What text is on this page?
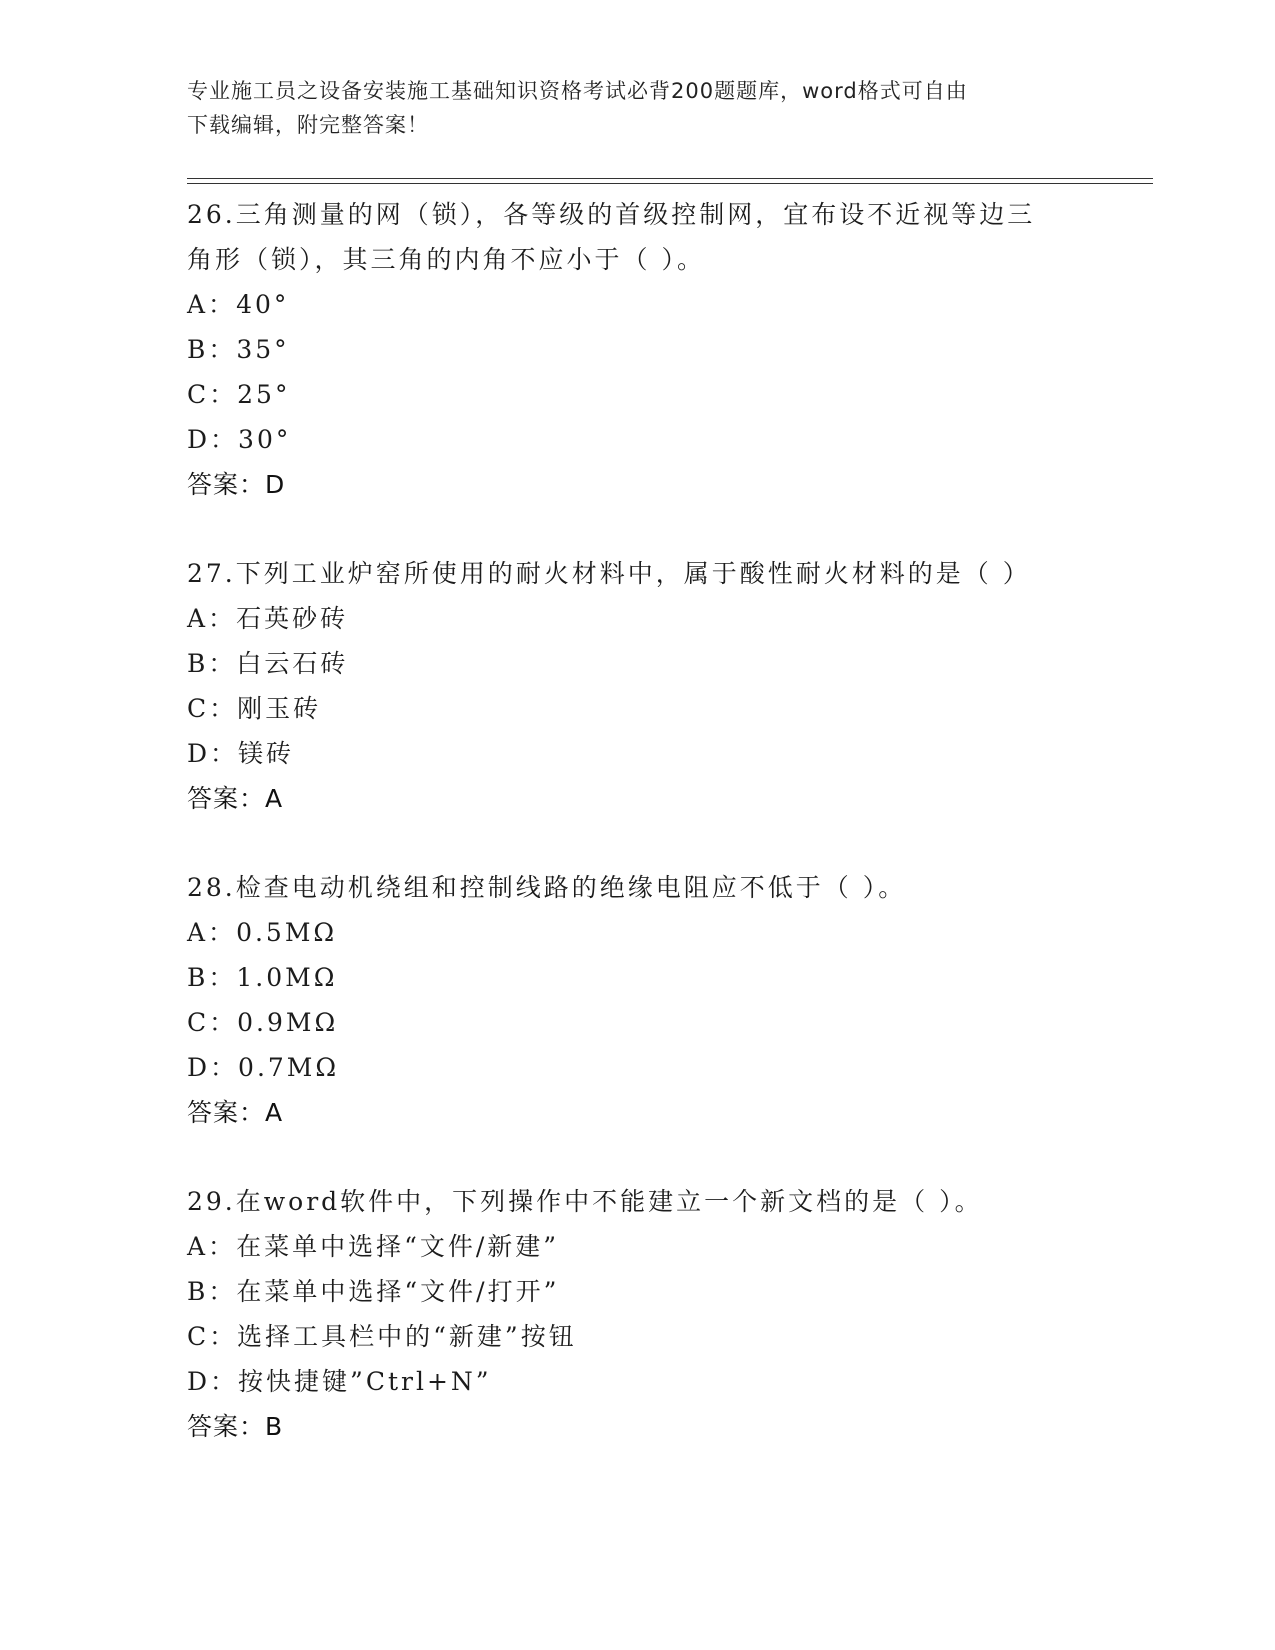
专业施工员之设备安装施工基础知识资格考试必背200题题库，word格式可自由
下载编辑，附完整答案！

26.三角测量的网（锁），各等级的首级控制网，宜布设不近视等边三

角形（锁），其三角的内角不应小于（ ）。

A：40°

B：35°

C：25°

D：30°

答案：D

27.下列工业炉窑所使用的耐火材料中，属于酸性耐火材料的是（ ）

A：石英砂砖

B：白云石砖

C：刚玉砖

D：镁砖

答案：A

28.检查电动机绕组和控制线路的绝缘电阻应不低于（ ）。

A：0.5MΩ

B：1.0MΩ

C：0.9MΩ

D：0.7MΩ

答案：A

29.在word软件中，下列操作中不能建立一个新文档的是（ ）。

A：在菜单中选择“文件/新建”

B：在菜单中选择“文件/打开”

C：选择工具栏中的“新建”按钮

D：按快捷键”Ctrl+N”

答案：B
